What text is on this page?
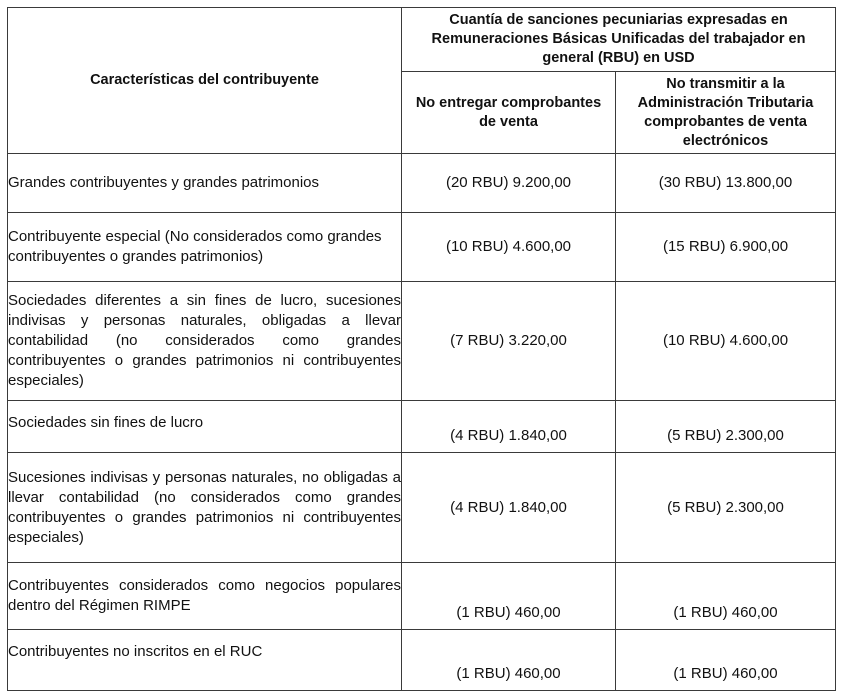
Características del contribuyente	Cuantía de sanciones pecuniarias expresadas en Remuneraciones Básicas Unificadas del trabajador en general (RBU) en USD	
	No entregar comprobantes de venta	No transmitir a la Administración Tributaria comprobantes de venta electrónicos
Grandes contribuyentes y grandes patrimonios	(20 RBU) 9.200,00	(30 RBU) 13.800,00
Contribuyente especial (No considerados como grandes contribuyentes o grandes patrimonios)	(10 RBU) 4.600,00	(15 RBU) 6.900,00
Sociedades diferentes a sin fines de lucro, sucesiones indivisas y personas naturales, obligadas a llevar contabilidad (no considerados como grandes contribuyentes o grandes patrimonios ni contribuyentes especiales)	(7 RBU) 3.220,00	(10 RBU) 4.600,00
Sociedades sin fines de lucro	(4 RBU) 1.840,00	(5 RBU) 2.300,00
Sucesiones indivisas y personas naturales, no obligadas a llevar contabilidad (no considerados como grandes contribuyentes o grandes patrimonios ni contribuyentes especiales)	(4 RBU) 1.840,00	(5 RBU) 2.300,00
Contribuyentes considerados como negocios populares dentro del Régimen RIMPE	(1 RBU) 460,00	(1 RBU) 460,00
Contribuyentes no inscritos en el RUC	(1 RBU) 460,00	(1 RBU) 460,00
